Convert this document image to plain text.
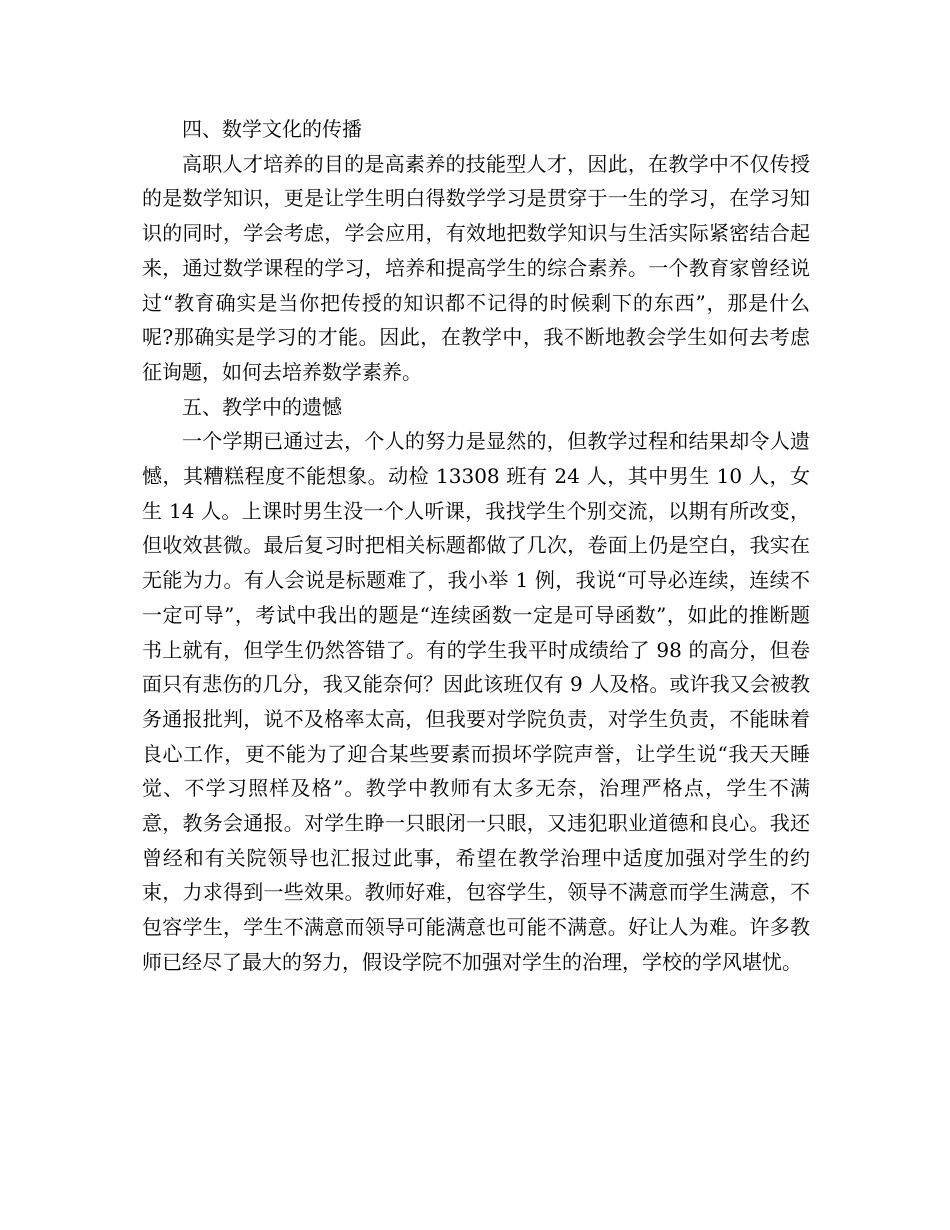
四、数学文化的传播

高职人才培养的目的是高素养的技能型人才，因此，在教学中不仅传授的是数学知识，更是让学生明白得数学学习是贯穿于一生的学习，在学习知识的同时，学会考虑，学会应用，有效地把数学知识与生活实际紧密结合起来，通过数学课程的学习，培养和提高学生的综合素养。一个教育家曾经说过“教育确实是当你把传授的知识都不记得的时候剩下的东西”，那是什么呢?那确实是学习的才能。因此，在教学中，我不断地教会学生如何去考虑征询题，如何去培养数学素养。

五、教学中的遗憾

一个学期已通过去，个人的努力是显然的，但教学过程和结果却令人遗憾，其糟糕程度不能想象。动检 13308 班有 24 人，其中男生 10 人，女生 14 人。上课时男生没一个人听课，我找学生个别交流，以期有所改变，但收效甚微。最后复习时把相关标题都做了几次，卷面上仍是空白，我实在无能为力。有人会说是标题难了，我小举 1 例，我说“可导必连续，连续不一定可导”，考试中我出的题是“连续函数一定是可导函数”，如此的推断题书上就有，但学生仍然答错了。有的学生我平时成绩给了 98 的高分，但卷面只有悲伤的几分，我又能奈何？因此该班仅有 9 人及格。或许我又会被教务通报批判，说不及格率太高，但我要对学院负责，对学生负责，不能昧着良心工作，更不能为了迎合某些要素而损坏学院声誉，让学生说“我天天睡觉、不学习照样及格”。教学中教师有太多无奈，治理严格点，学生不满意，教务会通报。对学生睁一只眼闭一只眼，又违犯职业道德和良心。我还曾经和有关院领导也汇报过此事，希望在教学治理中适度加强对学生的约束，力求得到一些效果。教师好难，包容学生，领导不满意而学生满意，不包容学生，学生不满意而领导可能满意也可能不满意。好让人为难。许多教师已经尽了最大的努力，假设学院不加强对学生的治理，学校的学风堪忧。
